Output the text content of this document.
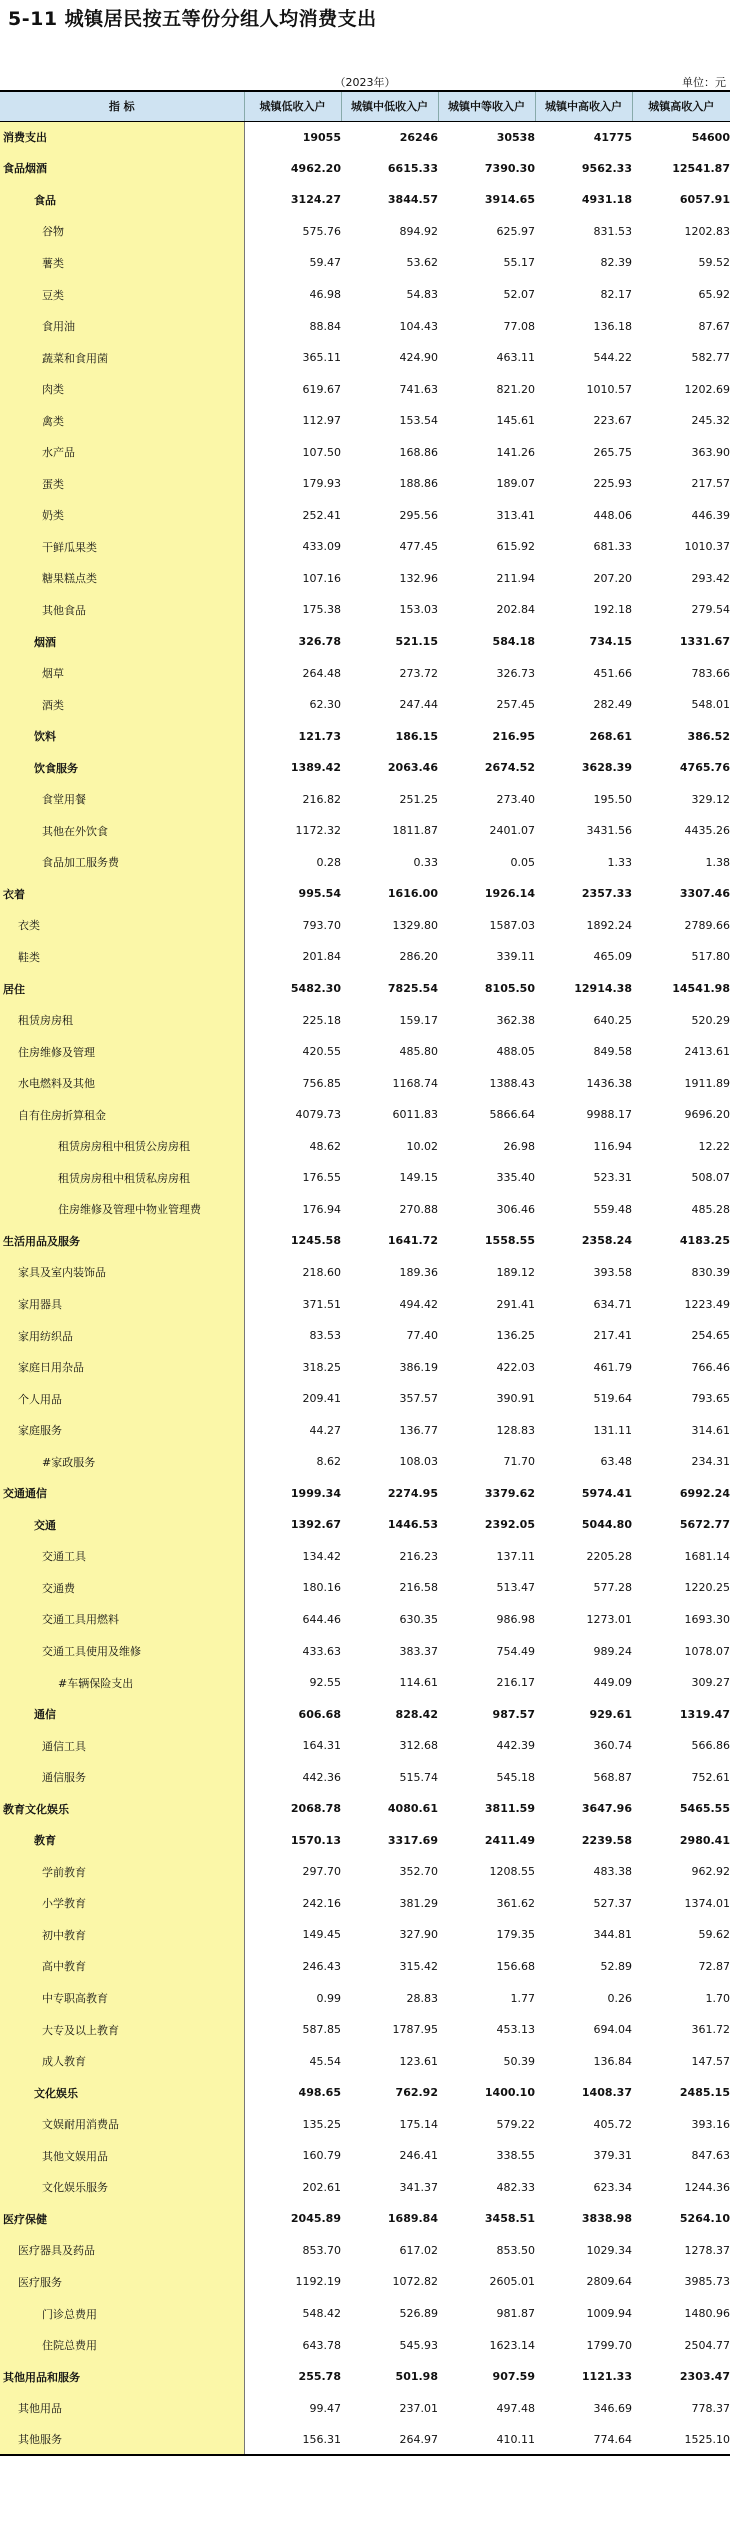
5-11 城镇居民按五等份分组人均消费支出
（2023年）	单位：元
指 标	城镇低收入户	城镇中低收入户	城镇中等收入户	城镇中高收入户	城镇高收入户
消费支出	19055	26246	30538	41775	54600
食品烟酒	4962.20	6615.33	7390.30	9562.33	12541.87
食品	3124.27	3844.57	3914.65	4931.18	6057.91
谷物	575.76	894.92	625.97	831.53	1202.83
薯类	59.47	53.62	55.17	82.39	59.52
豆类	46.98	54.83	52.07	82.17	65.92
食用油	88.84	104.43	77.08	136.18	87.67
蔬菜和食用菌	365.11	424.90	463.11	544.22	582.77
肉类	619.67	741.63	821.20	1010.57	1202.69
禽类	112.97	153.54	145.61	223.67	245.32
水产品	107.50	168.86	141.26	265.75	363.90
蛋类	179.93	188.86	189.07	225.93	217.57
奶类	252.41	295.56	313.41	448.06	446.39
干鲜瓜果类	433.09	477.45	615.92	681.33	1010.37
糖果糕点类	107.16	132.96	211.94	207.20	293.42
其他食品	175.38	153.03	202.84	192.18	279.54
烟酒	326.78	521.15	584.18	734.15	1331.67
烟草	264.48	273.72	326.73	451.66	783.66
酒类	62.30	247.44	257.45	282.49	548.01
饮料	121.73	186.15	216.95	268.61	386.52
饮食服务	1389.42	2063.46	2674.52	3628.39	4765.76
食堂用餐	216.82	251.25	273.40	195.50	329.12
其他在外饮食	1172.32	1811.87	2401.07	3431.56	4435.26
食品加工服务费	0.28	0.33	0.05	1.33	1.38
衣着	995.54	1616.00	1926.14	2357.33	3307.46
衣类	793.70	1329.80	1587.03	1892.24	2789.66
鞋类	201.84	286.20	339.11	465.09	517.80
居住	5482.30	7825.54	8105.50	12914.38	14541.98
租赁房房租	225.18	159.17	362.38	640.25	520.29
住房维修及管理	420.55	485.80	488.05	849.58	2413.61
水电燃料及其他	756.85	1168.74	1388.43	1436.38	1911.89
自有住房折算租金	4079.73	6011.83	5866.64	9988.17	9696.20
租赁房房租中租赁公房房租	48.62	10.02	26.98	116.94	12.22
租赁房房租中租赁私房房租	176.55	149.15	335.40	523.31	508.07
住房维修及管理中物业管理费	176.94	270.88	306.46	559.48	485.28
生活用品及服务	1245.58	1641.72	1558.55	2358.24	4183.25
家具及室内装饰品	218.60	189.36	189.12	393.58	830.39
家用器具	371.51	494.42	291.41	634.71	1223.49
家用纺织品	83.53	77.40	136.25	217.41	254.65
家庭日用杂品	318.25	386.19	422.03	461.79	766.46
个人用品	209.41	357.57	390.91	519.64	793.65
家庭服务	44.27	136.77	128.83	131.11	314.61
#家政服务	8.62	108.03	71.70	63.48	234.31
交通通信	1999.34	2274.95	3379.62	5974.41	6992.24
交通	1392.67	1446.53	2392.05	5044.80	5672.77
交通工具	134.42	216.23	137.11	2205.28	1681.14
交通费	180.16	216.58	513.47	577.28	1220.25
交通工具用燃料	644.46	630.35	986.98	1273.01	1693.30
交通工具使用及维修	433.63	383.37	754.49	989.24	1078.07
#车辆保险支出	92.55	114.61	216.17	449.09	309.27
通信	606.68	828.42	987.57	929.61	1319.47
通信工具	164.31	312.68	442.39	360.74	566.86
通信服务	442.36	515.74	545.18	568.87	752.61
教育文化娱乐	2068.78	4080.61	3811.59	3647.96	5465.55
教育	1570.13	3317.69	2411.49	2239.58	2980.41
学前教育	297.70	352.70	1208.55	483.38	962.92
小学教育	242.16	381.29	361.62	527.37	1374.01
初中教育	149.45	327.90	179.35	344.81	59.62
高中教育	246.43	315.42	156.68	52.89	72.87
中专职高教育	0.99	28.83	1.77	0.26	1.70
大专及以上教育	587.85	1787.95	453.13	694.04	361.72
成人教育	45.54	123.61	50.39	136.84	147.57
文化娱乐	498.65	762.92	1400.10	1408.37	2485.15
文娱耐用消费品	135.25	175.14	579.22	405.72	393.16
其他文娱用品	160.79	246.41	338.55	379.31	847.63
文化娱乐服务	202.61	341.37	482.33	623.34	1244.36
医疗保健	2045.89	1689.84	3458.51	3838.98	5264.10
医疗器具及药品	853.70	617.02	853.50	1029.34	1278.37
医疗服务	1192.19	1072.82	2605.01	2809.64	3985.73
门诊总费用	548.42	526.89	981.87	1009.94	1480.96
住院总费用	643.78	545.93	1623.14	1799.70	2504.77
其他用品和服务	255.78	501.98	907.59	1121.33	2303.47
其他用品	99.47	237.01	497.48	346.69	778.37
其他服务	156.31	264.97	410.11	774.64	1525.10
